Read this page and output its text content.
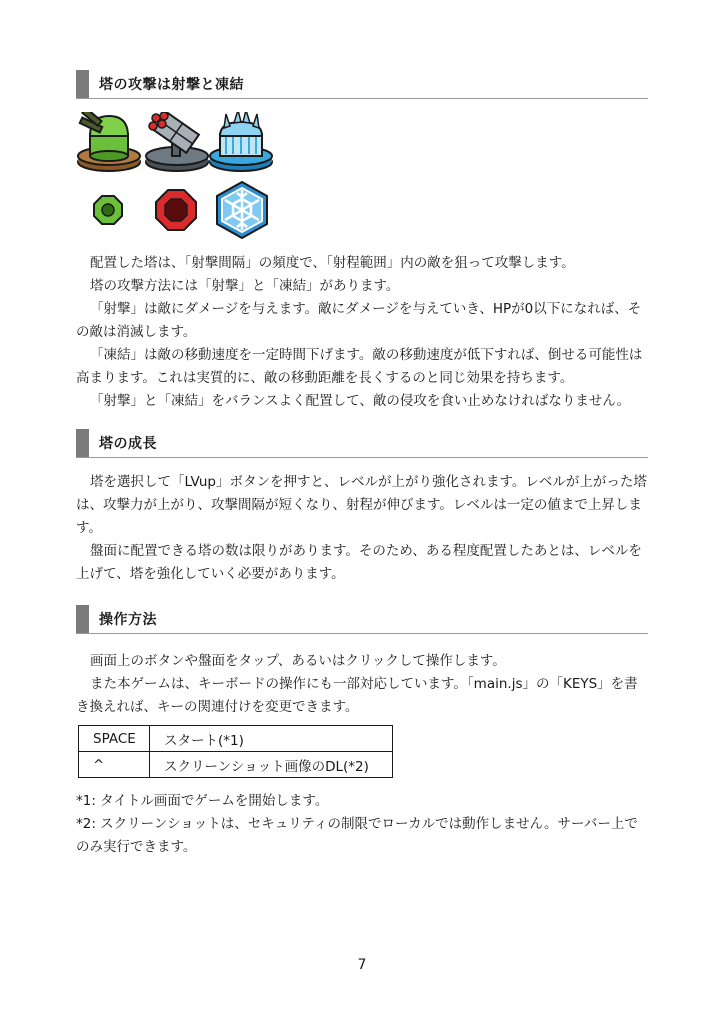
塔の攻撃は射撃と凍結

配置した塔は、「射撃間隔」の頻度で、「射程範囲」内の敵を狙って攻撃します。

塔の攻撃方法には「射撃」と「凍結」があります。

「射撃」は敵にダメージを与えます。敵にダメージを与えていき、HPが0以下になれば、その敵は消滅します。

「凍結」は敵の移動速度を一定時間下げます。敵の移動速度が低下すれば、倒せる可能性は高まります。これは実質的に、敵の移動距離を長くするのと同じ効果を持ちます。

「射撃」と「凍結」をバランスよく配置して、敵の侵攻を食い止めなければなりません。

塔の成長

塔を選択して「LVup」ボタンを押すと、レベルが上がり強化されます。レベルが上がった塔は、攻撃力が上がり、攻撃間隔が短くなり、射程が伸びます。レベルは一定の値まで上昇します。

盤面に配置できる塔の数は限りがあります。そのため、ある程度配置したあとは、レベルを上げて、塔を強化していく必要があります。

操作方法

画面上のボタンや盤面をタップ、あるいはクリックして操作します。

また本ゲームは、キーボードの操作にも一部対応しています。「main.js」の「KEYS」を書き換えれば、キーの関連付けを変更できます。

SPACE	スタート(*1)
^	スクリーンショット画像のDL(*2)
*1: タイトル画面でゲームを開始します。
*2: スクリーンショットは、セキュリティの制限でローカルでは動作しません。サーバー上でのみ実行できます。
7
